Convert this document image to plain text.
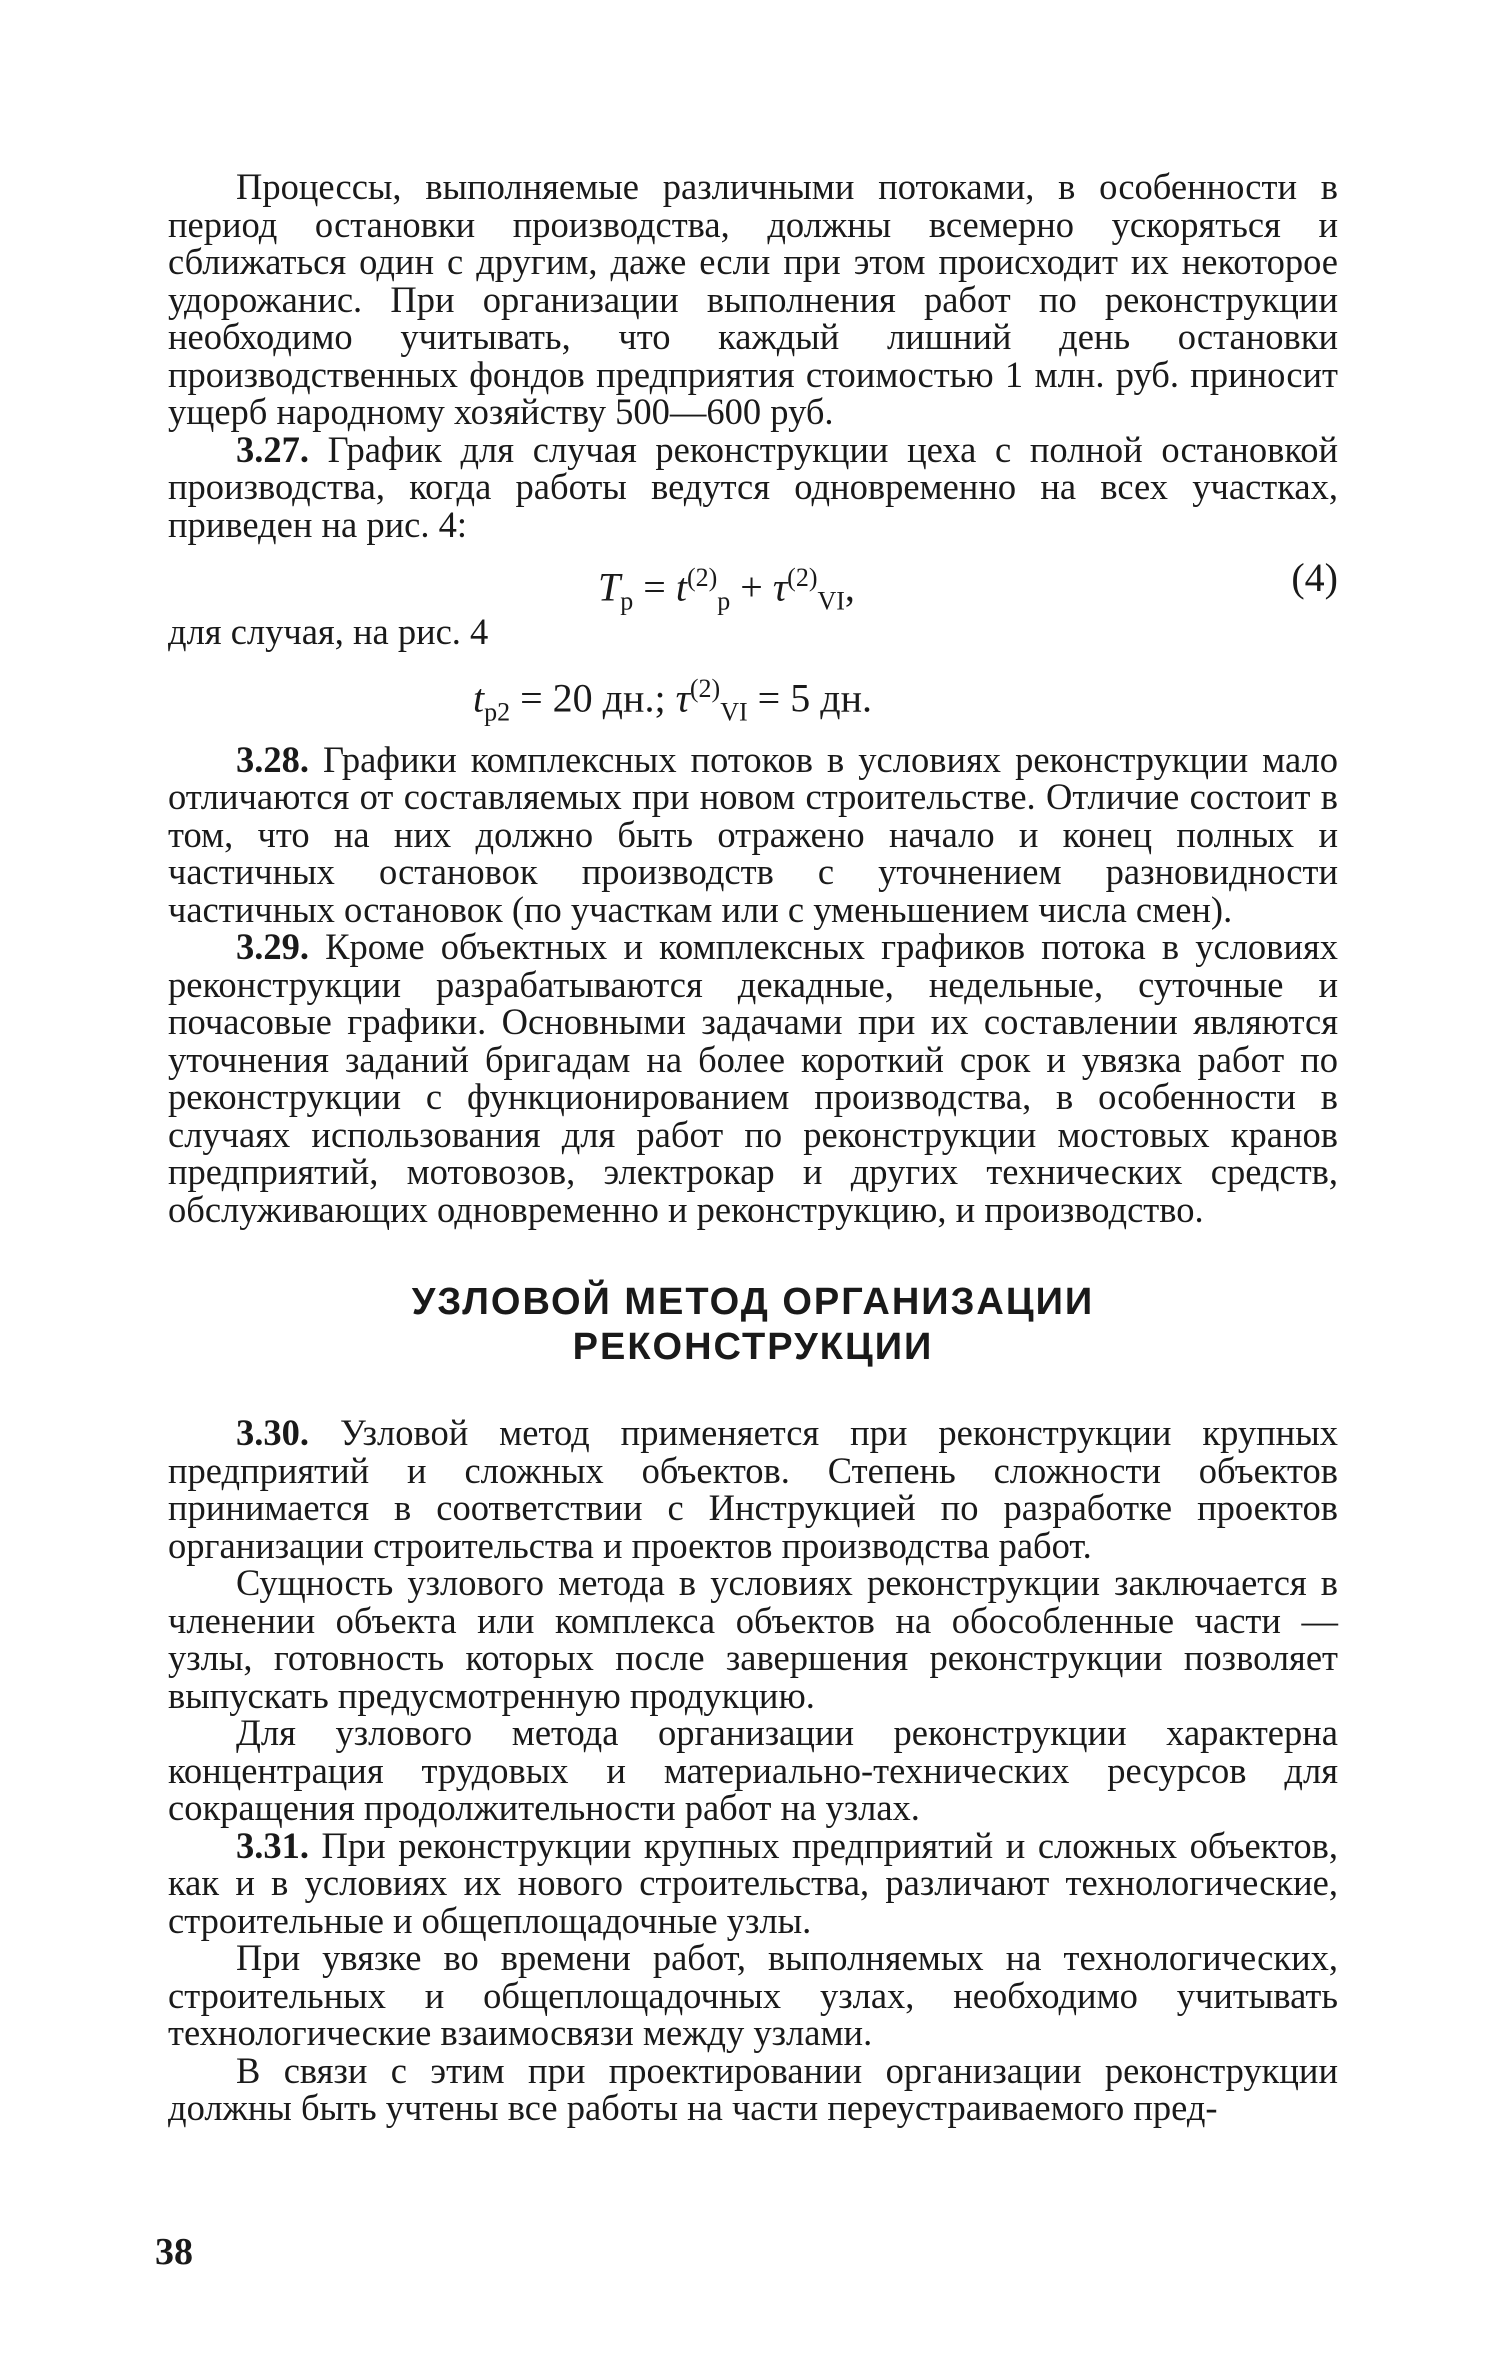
Процессы, выполняемые различными потоками, в особенности в период остановки производства, должны всемерно ускоряться и сближаться один с другим, даже если при этом происходит их некоторое удорожанис. При организации выполнения работ по реконструкции необходимо учитывать, что каждый лишний день остановки производственных фондов предприятия стоимостью 1 млн. руб. приносит ущерб народному хозяйству 500—600 руб.

3.27. График для случая реконструкции цеха с полной остановкой производства, когда работы ведутся одновременно на всех участках, приведен на рис. 4:

$T_р = t^{(2)}_р + \tau^{(2)}_{VI}$,	(4)

для случая, на рис. 4

$t_{р2} = 20$ дн.; $\tau^{(2)}_{VI} = 5$ дн.

3.28. Графики комплексных потоков в условиях реконструкции мало отличаются от составляемых при новом строительстве. Отличие состоит в том, что на них должно быть отражено начало и конец полных и частичных остановок производств с уточнением разновидности частичных остановок (по участкам или с уменьшением числа смен).

3.29. Кроме объектных и комплексных графиков потока в условиях реконструкции разрабатываются декадные, недельные, суточные и почасовые графики. Основными задачами при их составлении являются уточнения заданий бригадам на более короткий срок и увязка работ по реконструкции с функционированием производства, в особенности в случаях использования для работ по реконструкции мостовых кранов предприятий, мотовозов, электрокар и других технических средств, обслуживающих одновременно и реконструкцию, и производство.

УЗЛОВОЙ МЕТОД ОРГАНИЗАЦИИ
РЕКОНСТРУКЦИИ

3.30. Узловой метод применяется при реконструкции крупных предприятий и сложных объектов. Степень сложности объектов принимается в соответствии с Инструкцией по разработке проектов организации строительства и проектов производства работ.

Сущность узлового метода в условиях реконструкции заключается в членении объекта или комплекса объектов на обособленные части — узлы, готовность которых после завершения реконструкции позволяет выпускать предусмотренную продукцию.

Для узлового метода организации реконструкции характерна концентрация трудовых и материально-технических ресурсов для сокращения продолжительности работ на узлах.

3.31. При реконструкции крупных предприятий и сложных объектов, как и в условиях их нового строительства, различают технологические, строительные и общеплощадочные узлы.

При увязке во времени работ, выполняемых на технологических, строительных и общеплощадочных узлах, необходимо учитывать технологические взаимосвязи между узлами.

В связи с этим при проектировании организации реконструкции должны быть учтены все работы на части переустраиваемого пред-

38
